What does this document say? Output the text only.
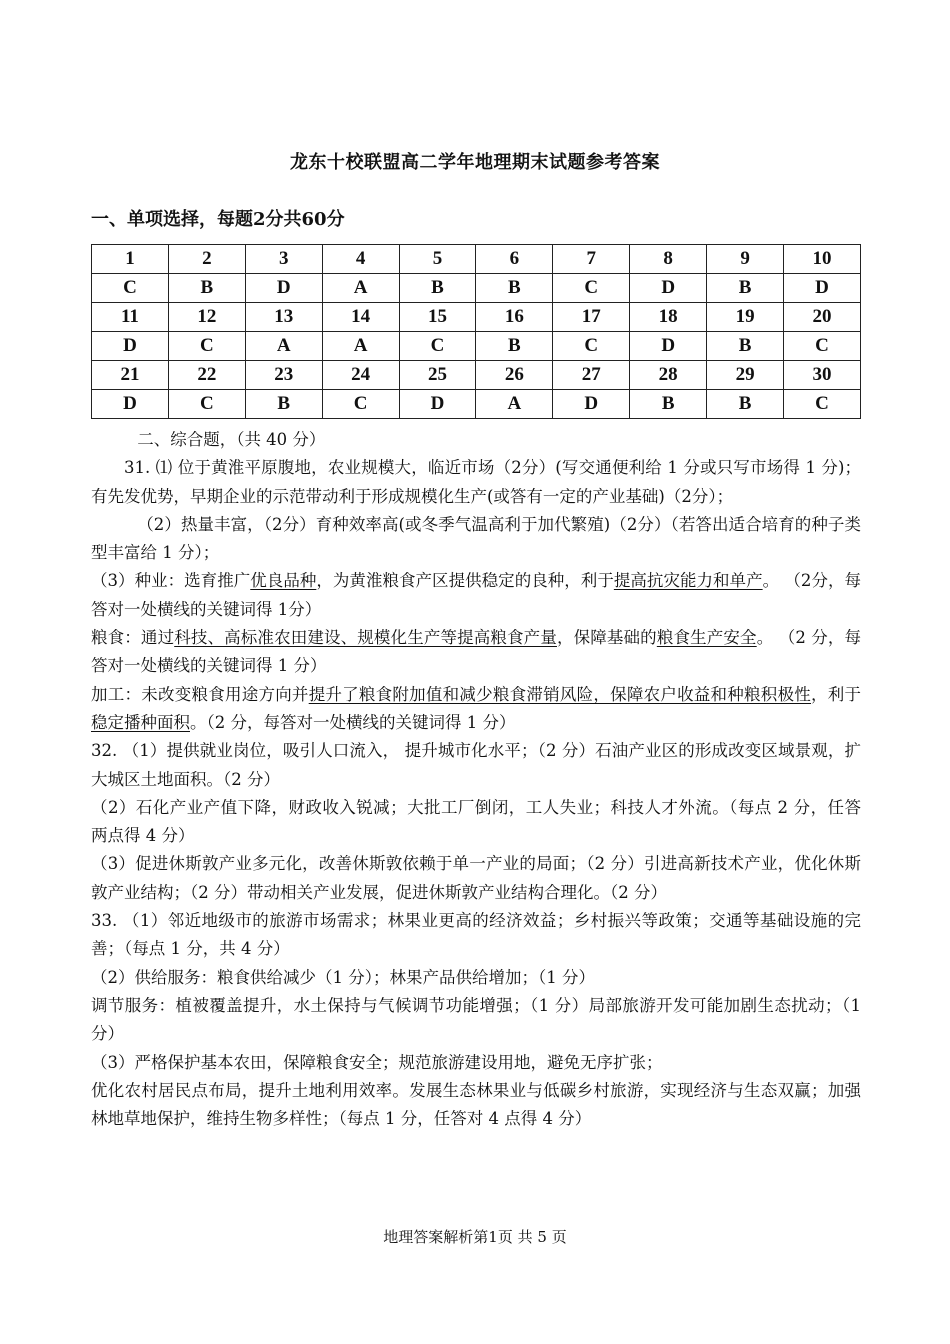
龙东十校联盟高二学年地理期末试题参考答案
一、单项选择，每题2分共60分
1	2	3	4	5	6	7	8	9	10
C	B	D	A	B	B	C	D	B	D
11	12	13	14	15	16	17	18	19	20
D	C	A	A	C	B	C	D	B	C
21	22	23	24	25	26	27	28	29	30
D	C	B	C	D	A	D	B	B	C

二、综合题，（共 40 分）

31. ⑴ 位于黄淮平原腹地，农业规模大，临近市场（2分）(写交通便利给 1 分或只写市场得 1 分)；有先发优势，早期企业的示范带动利于形成规模化生产(或答有一定的产业基础)（2分）；

（2）热量丰富，（2分）育种效率高(或冬季气温高利于加代繁殖)（2分）（若答出适合培育的种子类型丰富给 1 分）；

（3）种业：选育推广优良品种，为黄淮粮食产区提供稳定的良种，利于提高抗灾能力和单产。 （2分，每答对一处横线的关键词得 1分）

粮食：通过科技、高标准农田建设、规模化生产等提高粮食产量，保障基础的粮食生产安全。 （2 分，每答对一处横线的关键词得 1 分）

加工：未改变粮食用途方向并提升了粮食附加值和减少粮食滞销风险，保障农户收益和种粮积极性，利于稳定播种面积。（2 分，每答对一处横线的关键词得 1 分）

32. （1）提供就业岗位，吸引人口流入， 提升城市化水平；（2 分）石油产业区的形成改变区域景观，扩大城区土地面积。（2 分）

（2）石化产业产值下降，财政收入锐减；大批工厂倒闭，工人失业；科技人才外流。（每点 2 分，任答 两点得 4 分）

（3）促进休斯敦产业多元化，改善休斯敦依赖于单一产业的局面；（2 分）引进高新技术产业，优化休斯敦产业结构；（2 分）带动相关产业发展，促进休斯敦产业结构合理化。（2 分）

33. （1）邻近地级市的旅游市场需求；林果业更高的经济效益；乡村振兴等政策；交通等基础设施的完善；（每点 1 分，共 4 分）

（2）供给服务：粮食供给减少（1 分）；林果产品供给增加；（1 分）

调节服务：植被覆盖提升，水土保持与气候调节功能增强；（1 分）局部旅游开发可能加剧生态扰动；（1 分）

（3）严格保护基本农田，保障粮食安全；规范旅游建设用地，避免无序扩张；

优化农村居民点布局，提升土地利用效率。发展生态林果业与低碳乡村旅游，实现经济与生态双赢；加强林地草地保护，维持生物多样性；（每点 1 分，任答对 4 点得 4 分）

地理答案解析第1页 共 5 页
